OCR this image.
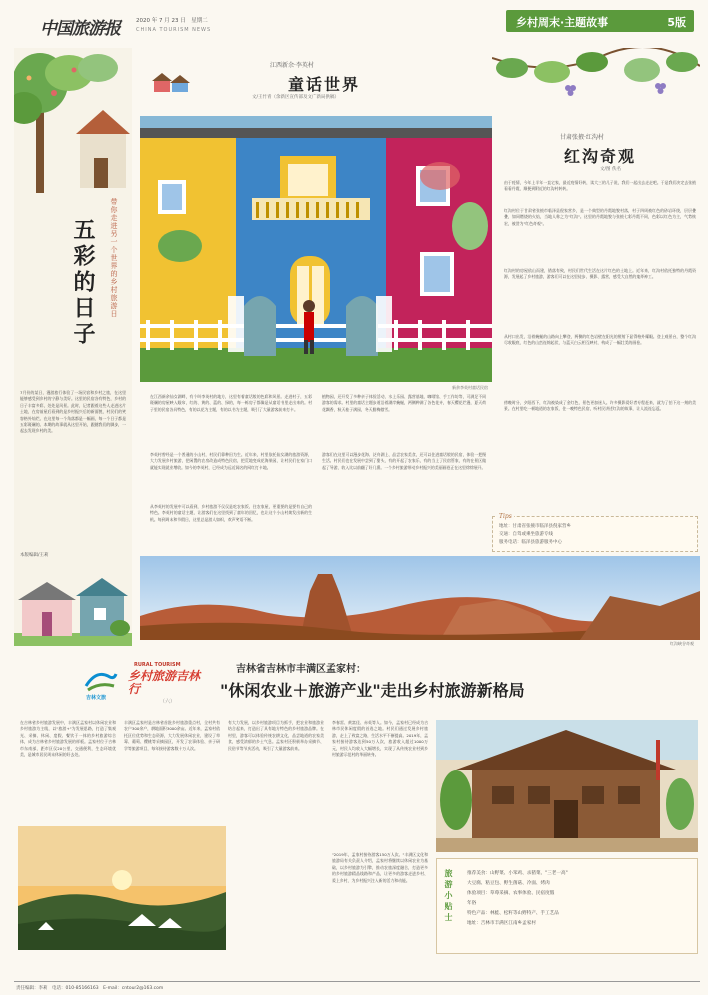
中国旅游报	2020 年 7 月 23 日　星期二
CHINA TOURISM NEWS
乡村周末·主题故事	5版
带你走进另一个世界的乡村旅游日
五彩的日子
7月份的某日，漫游旅行体验了一场民宿和乡村之旅，在这里能够感受到乡村的宁静与美好。这里的民宿各有特色，乡村的日子丰富多彩，处处是风景。此时，记者跟着这些人走进这片土地，在房前屋后看到的是乡村振兴后的新面貌，村民们的笑容格外灿烂。在这里每一个角落都是一幅画，每一个日子都是五彩斑斓的。本期的故事就从这里开始，跟随我们的脚步，一起去发现乡村的美。
本版编辑/王莉
江西新余·李英村
童话世界
文/王竹青（余新区宣传部及文广新局供稿）
新余李英村童话民宿
在江西新余仙女湖畔，有个叫李英村的地方，这里有着童话般的色彩和风景。走进村子，五彩斑斓的房屋映入眼帘，红的、黄的、蓝的、绿的，每一栋房子都像是从童话书里走出来的。村子里的民宿各具特色，有的以花为主题，有的以书为主题，吸引了大量游客前来打卡。
李英村曾经是一个普通的小山村，村民们靠种田为生。近年来，村里依托仙女湖的旅游资源，大力发展乡村旅游，把闲置的农房改造成特色民宿，把荒地变成花海果园，让村民们在家门口就能实现就业增收。如今的李英村，已经成为远近闻名的网红打卡地。
从李英村的发展中可以看到，乡村旅游不仅仅是吃农家饭、住农家屋，更重要的是要有自己的特色。李英村的童话主题，让游客们在这里找到了童年的回忆，也让这个小山村焕发出新的生机。每到周末和节假日，这里总是游人如织，欢声笑语不断。
植物园，还开发了多种亲子体验活动，水上乐园、露营基地、咖啡馆、手工作坊等，可满足不同游客的需求。村里的童话主题步道沿着湖岸蜿蜒，两侧种满了各色花卉，春天樱花烂漫，夏天荷花飘香，秋天桂子满园，冬天腊梅傲雪。
游客们在这里可以漫步花海、泛舟湖上、品尝农家美食，还可以住进童话般的民宿，体验一把慢生活。村民们也在发展中尝到了甜头，有的开起了农家乐，有的当上了民宿管家，有的在景区做起了导游，收入比以前翻了好几番。一个乡村旅游带动乡村振兴的美丽画卷正在这里徐徐展开。
甘肃张掖·红沟村
红沟奇观
文/图 佚名
由于疫情，今年上半年一直宅家，最近疫情好转，读大三的儿子说，我们一起出去走走吧。于是我们决定去张掖看看丹霞，顺便到附近的红沟村转转。
红沟村位于甘肃省张掖市临泽县倪家营乡，是一个典型的丹霞地貌村落，村子四周被红色的砂岩环绕，层层叠叠，如同燃烧的火焰，当地人称之为"红沟"。这里的丹霞地貌与张掖七彩丹霞不同，色彩以红色为主，气势恢宏，被誉为"红色奇观"。
红沟村的房屋依山而建，错落有致，村民们世代生活在这片红色的土地上。近年来，红沟村依托独特的丹霞资源，发展起了乡村旅游，游客们可以在这里徒步、摄影、露营，感受大自然的鬼斧神工。
从村口出发，沿着蜿蜒的山路向上攀登，两侧的红色岩壁在阳光的照射下显得格外耀眼。登上观景台，整个红沟尽收眼底，红色的山峦连绵起伏，与蓝天白云相互映衬，构成了一幅壮美的画卷。
傍晚时分，夕阳西下，红沟被染成了金红色，景色更加迷人。许多摄影爱好者专程赶来，就为了拍下这一刻的美景。在村里吃一顿地道的农家饭，住一晚特色民宿，听村民讲述红沟的故事，让人流连忘返。
Tips
地址：甘肃省张掖市临泽县倪家营乡
交通：自驾或乘坐旅游专线
服务电话：临泽县旅游服务中心
红沟峡谷奇观
吉林文旅
RURAL TOURISM
乡村旅游吉林行
（六）
吉林省吉林市丰满区孟家村：
"休闲农业＋旅游产业"走出乡村旅游新格局
在吉林省乡村旅游发展中，丰满区孟家村以休闲农业和乡村旅游为主线，以"旅游+"为发展思路，打造了集观光、采摘、休闲、度假、餐饮于一体的乡村旅游综合体，成为吉林省乡村旅游发展的样板。孟家村位于吉林市东南部，距市区仅20公里，交通便利，生态环境优美，是城市居民周末休闲的好去处。
丰满区孟家村是吉林省首批乡村旅游重点村，全村共有农户300余户，耕地面积3000余亩。近年来，孟家村依托区位优势和生态资源，大力发展休闲农业，建设了草莓、葡萄、樱桃等采摘园区，开发了农事体验、亲子研学等旅游项目，每年接待游客数十万人次。
有大力发展，以乡村旅游项目为抓手，把农业和旅游业结合起来，打造出了具有地方特色的乡村旅游品牌。在村里，游客可以体验传统农耕文化，品尝地道的农家美食，感受浓郁的乡土气息。孟家村还积极举办采摘节、民俗节等节庆活动，吸引了大量游客前来。
李春雷、黄富佳、赤英等人。如今，孟家村已经成为吉林市民休闲度假的首选之地。村民们通过发展乡村旅游，走上了致富之路，生活水平不断提高。2019年，孟家村接待游客达到50万人次，旅游收入超过1000万元，村民人均收入大幅增长，实现了从传统农业村到乡村旅游示范村的华丽转身。
"2019年，孟家村接待游客150万人次。"丰满区文化和旅游局有关负责人介绍，孟家村将继续以休闲农业为基础，以乡村旅游为引擎，推动农旅深度融合，打造更多的乡村旅游精品线路和产品，让更多的游客走进乡村、爱上乡村，为乡村振兴注入新的活力和动能。	旅游小贴士	推荐美食：山野菜、小笨鸡、杀猪菜、"三老一高"
大豆腐、粘豆包、野生菌菇、冷面、烤肉
体验项目：草莓采摘、农事体验、民宿度假
年俗
特色产品：林蛙、松籽等山野特产、手工艺品
地址：吉林市丰满区江南乡孟家村
责任编辑：李莉　电话：010-85166163　E-mail：cntour2@163.com
